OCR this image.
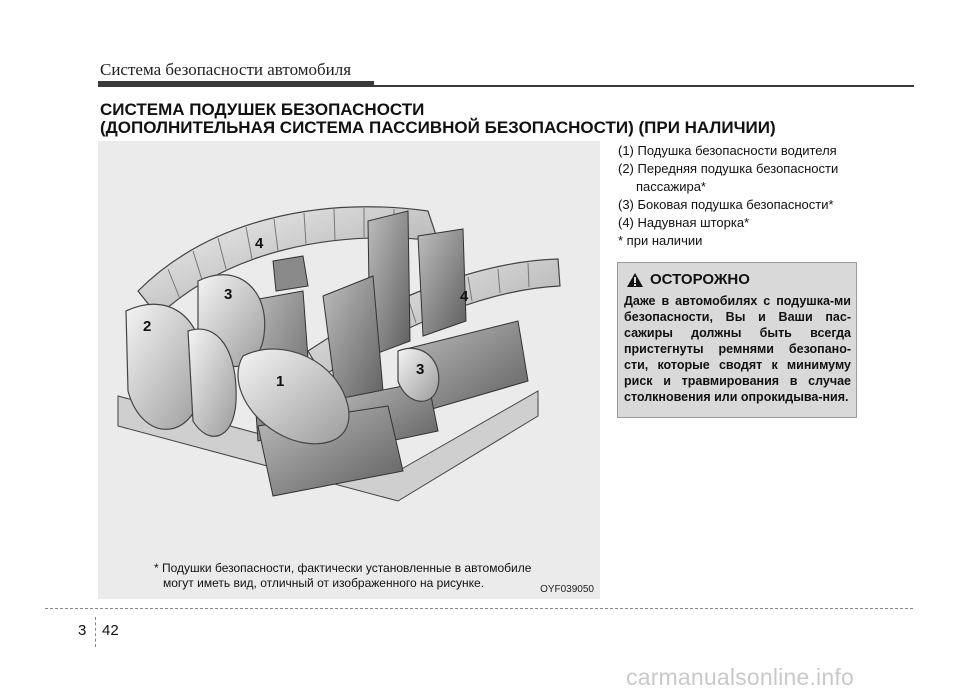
Система безопасности автомобиля
СИСТЕМА ПОДУШЕК БЕЗОПАСНОСТИ
(ДОПОЛНИТЕЛЬНАЯ СИСТЕМА ПАССИВНОЙ БЕЗОПАСНОСТИ) (ПРИ НАЛИЧИИ)
1
2
3
4
3
4
* Подушки безопасности, фактически установленные в автомобиле
могут иметь вид, отличный от изображенного на рисунке.	OYF039050
(1) Подушка безопасности водителя
(2) Передняя подушка безопасности
пассажира*
(3) Боковая подушка безопасности*
(4) Надувная шторка*
* при наличии
ОСТОРОЖНО
Даже в автомобилях с подушка-ми безопасности, Вы и Ваши пас-сажиры должны быть всегда пристегнуты ремнями безопано-сти, которые сводят к минимуму риск и травмирования в случае столкновения или опрокидыва-ния.
3 42
carmanualsonline.info
